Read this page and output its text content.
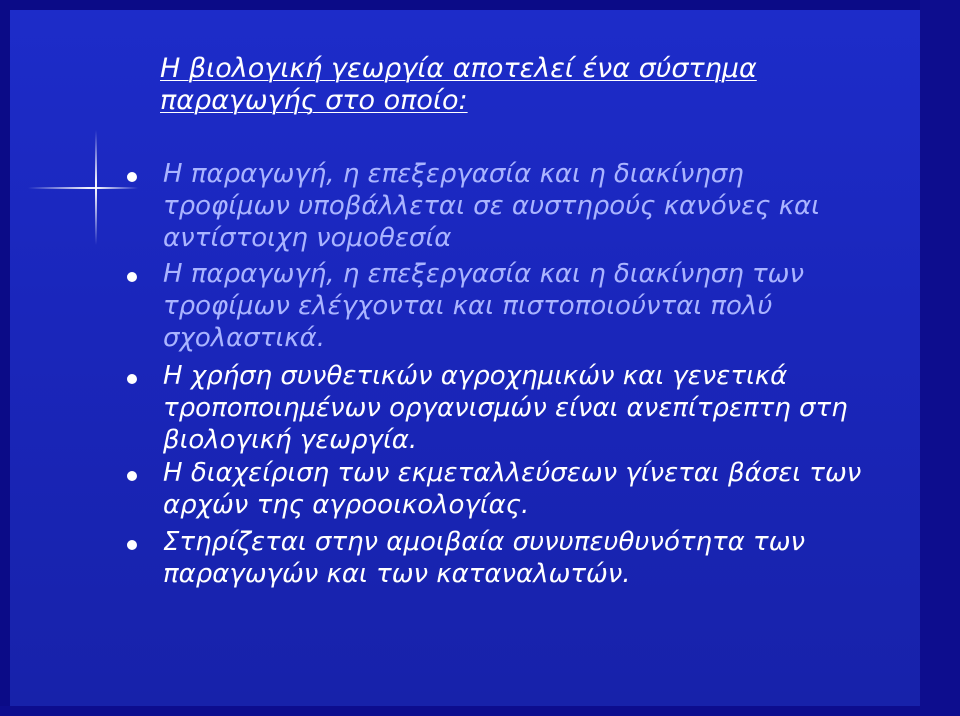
Η βιολογική γεωργία αποτελεί ένα σύστημα
παραγωγής στο οποίο:
Η παραγωγή, η επεξεργασία και η διακίνηση
τροφίμων υποβάλλεται σε αυστηρούς κανόνες και
αντίστοιχη νομοθεσία
Η παραγωγή, η επεξεργασία και η διακίνηση των
τροφίμων ελέγχονται και πιστοποιούνται πολύ
σχολαστικά.
Η χρήση συνθετικών αγροχημικών και γενετικά
τροποποιημένων οργανισμών είναι ανεπίτρεπτη στη
βιολογική γεωργία.
Η διαχείριση των εκμεταλλεύσεων γίνεται βάσει των
αρχών της αγροοικολογίας.
Στηρίζεται στην αμοιβαία συνυπευθυνότητα των
παραγωγών και των καταναλωτών.
